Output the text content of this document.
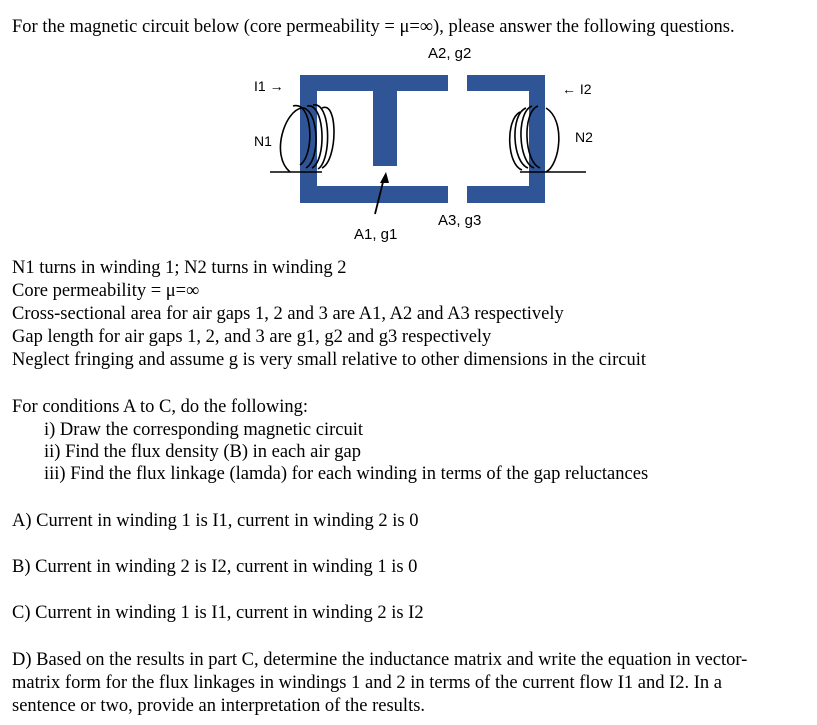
For the magnetic circuit below (core permeability = μ=∞), please answer the following questions.
A2, g2
I1 →	← I2
N1	N2
A3, g3
A1, g1
N1 turns in winding 1; N2 turns in winding 2
Core permeability = μ=∞
Cross-sectional area for air gaps 1, 2 and 3 are A1, A2 and A3 respectively
Gap length for air gaps 1, 2, and 3 are g1, g2 and g3 respectively
Neglect fringing and assume g is very small relative to other dimensions in the circuit
For conditions A to C, do the following:
i) Draw the corresponding magnetic circuit
ii) Find the flux density (B) in each air gap
iii) Find the flux linkage (lamda) for each winding in terms of the gap reluctances
A) Current in winding 1 is I1, current in winding 2 is 0
B) Current in winding 2 is I2, current in winding 1 is 0
C) Current in winding 1 is I1, current in winding 2 is I2
D) Based on the results in part C, determine the inductance matrix and write the equation in vector-
matrix form for the flux linkages in windings 1 and 2 in terms of the current flow I1 and I2. In a
sentence or two, provide an interpretation of the results.
